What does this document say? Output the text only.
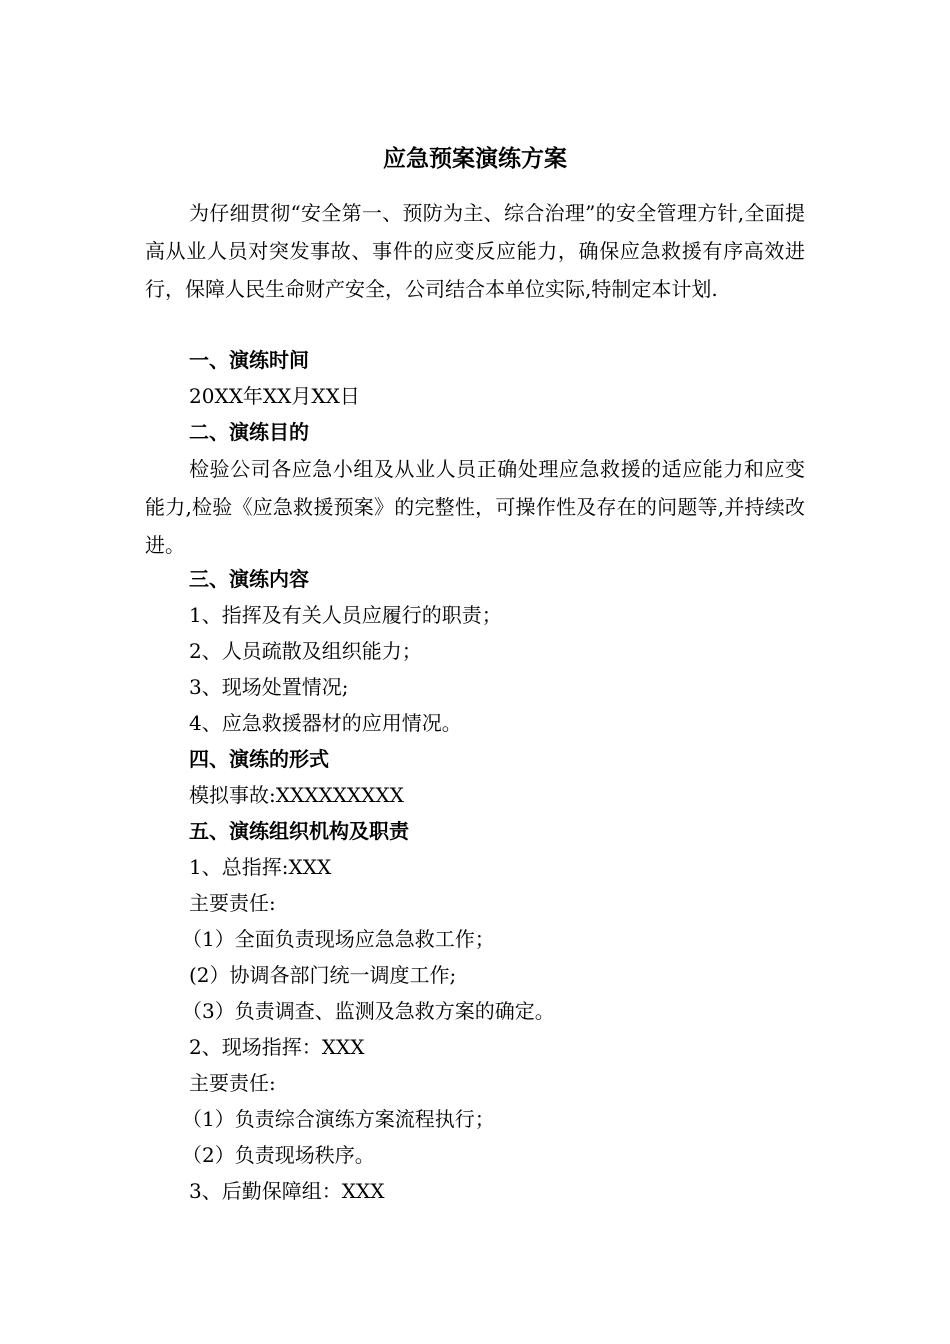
应急预案演练方案

为仔细贯彻“安全第一、预防为主、综合治理”的安全管理方针,全面提高从业人员对突发事故、事件的应变反应能力，确保应急救援有序高效进行，保障人民生命财产安全，公司结合本单位实际,特制定本计划.

一、演练时间

20XX年XX月XX日

二、演练目的

检验公司各应急小组及从业人员正确处理应急救援的适应能力和应变能力,检验《应急救援预案》的完整性，可操作性及存在的问题等,并持续改进。

三、演练内容

1、指挥及有关人员应履行的职责；

2、人员疏散及组织能力；

3、现场处置情况;

4、应急救援器材的应用情况。

四、演练的形式

模拟事故:XXXXXXXXX

五、演练组织机构及职责

1、总指挥:XXX

主要责任:

（1）全面负责现场应急急救工作；

(2）协调各部门统一调度工作;

（3）负责调查、监测及急救方案的确定。

2、现场指挥：XXX

主要责任:

（1）负责综合演练方案流程执行；

（2）负责现场秩序。

3、后勤保障组：XXX
